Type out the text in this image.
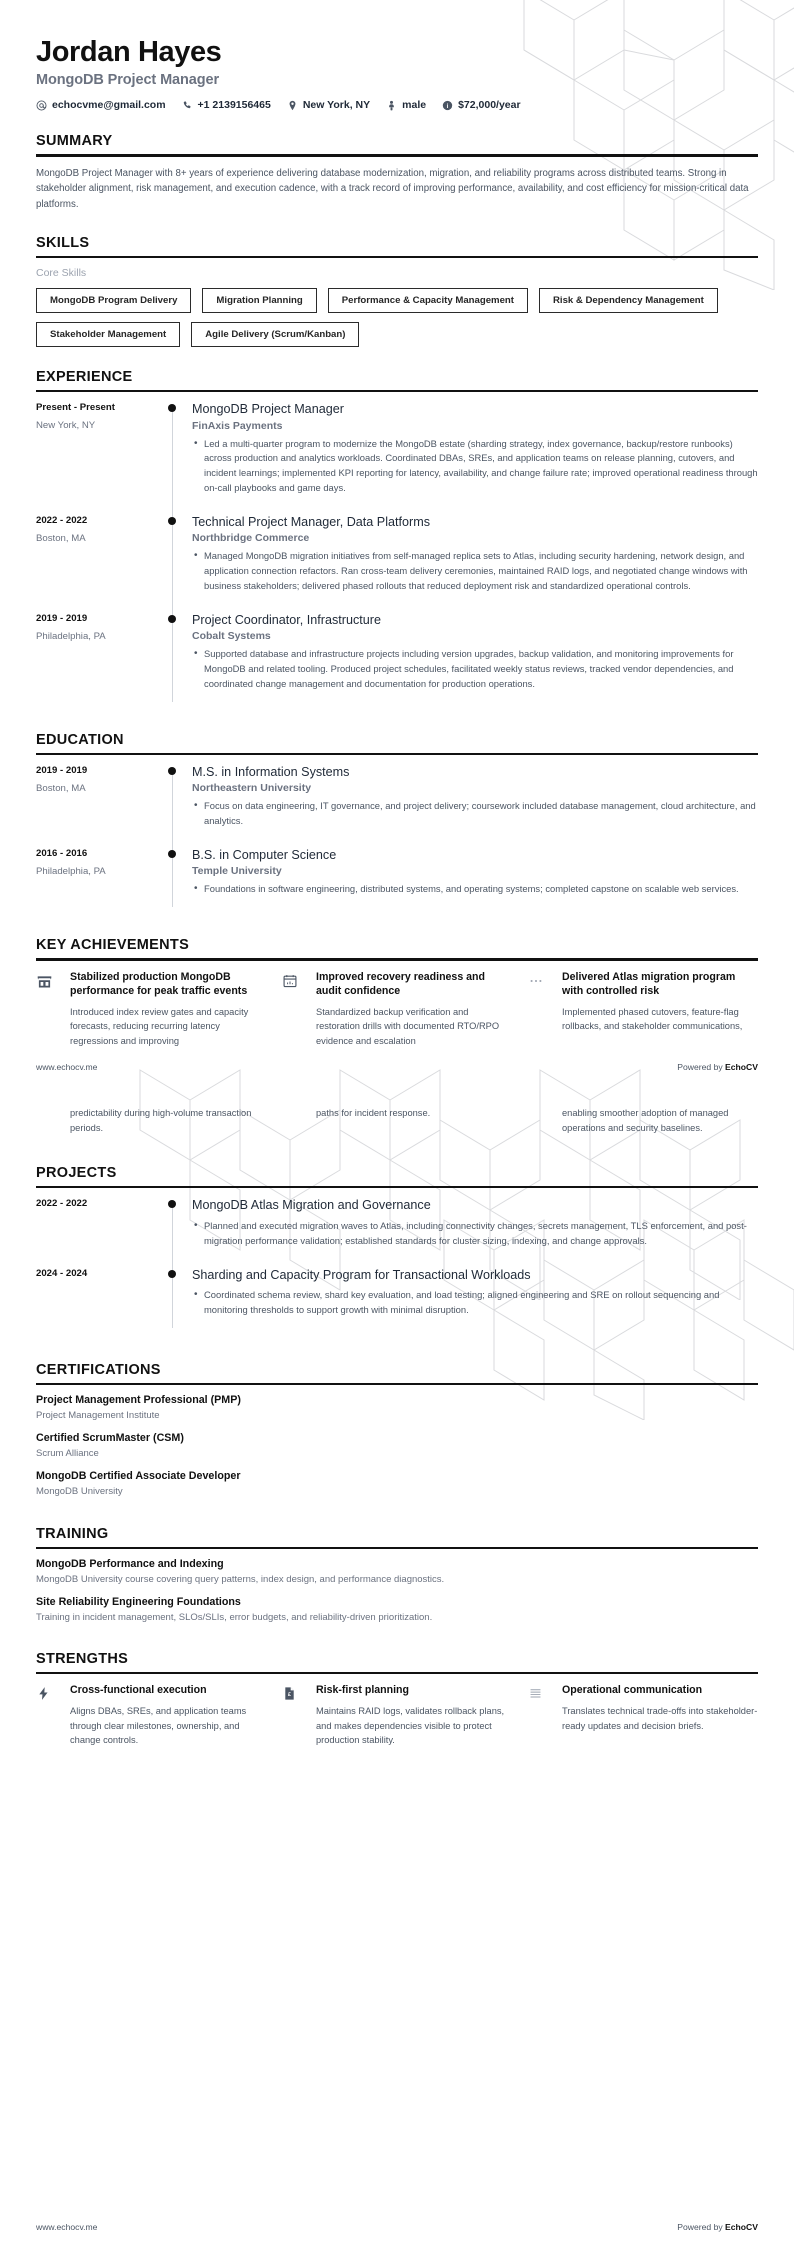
Jordan Hayes
MongoDB Project Manager
echocvme@gmail.com	+1 2139156465	New York, NY	male i $72,000/year
SUMMARY

MongoDB Project Manager with 8+ years of experience delivering database modernization, migration, and reliability programs across distributed teams. Strong in stakeholder alignment, risk management, and execution cadence, with a track record of improving performance, availability, and cost efficiency for mission-critical data platforms.

SKILLS
Core Skills
MongoDB Program Delivery	Migration Planning	Performance & Capacity Management	Risk & Dependency Management
Stakeholder Management	Agile Delivery (Scrum/Kanban)
EXPERIENCE
Present - Present
New York, NY
MongoDB Project Manager
FinAxis Payments
• Led a multi-quarter program to modernize the MongoDB estate (sharding strategy, index governance, backup/restore runbooks) across production and analytics workloads. Coordinated DBAs, SREs, and application teams on release planning, cutovers, and incident learnings; implemented KPI reporting for latency, availability, and change failure rate; improved operational readiness through on-call playbooks and game days.
2022 - 2022
Boston, MA
Technical Project Manager, Data Platforms
Northbridge Commerce
• Managed MongoDB migration initiatives from self-managed replica sets to Atlas, including security hardening, network design, and application connection refactors. Ran cross-team delivery ceremonies, maintained RAID logs, and negotiated change windows with business stakeholders; delivered phased rollouts that reduced deployment risk and standardized operational controls.
2019 - 2019
Philadelphia, PA
Project Coordinator, Infrastructure
Cobalt Systems
• Supported database and infrastructure projects including version upgrades, backup validation, and monitoring improvements for MongoDB and related tooling. Produced project schedules, facilitated weekly status reviews, tracked vendor dependencies, and coordinated change management and documentation for production operations.
EDUCATION
2019 - 2019
Boston, MA
M.S. in Information Systems
Northeastern University
• Focus on data engineering, IT governance, and project delivery; coursework included database management, cloud architecture, and analytics.
2016 - 2016
Philadelphia, PA
B.S. in Computer Science
Temple University
• Foundations in software engineering, distributed systems, and operating systems; completed capstone on scalable web services.
KEY ACHIEVEMENTS
Stabilized production MongoDB performance for peak traffic events
Introduced index review gates and capacity forecasts, reducing recurring latency regressions and improving
Improved recovery readiness and audit confidence
Standardized backup verification and restoration drills with documented RTO/RPO evidence and escalation
Delivered Atlas migration program with controlled risk
Implemented phased cutovers, feature-flag rollbacks, and stakeholder communications,
www.echocv.me	Powered by EchoCV
predictability during high-volume transaction periods.
paths for incident response.	enabling smoother adoption of managed operations and security baselines.
PROJECTS
2022 - 2022	MongoDB Atlas Migration and Governance
• Planned and executed migration waves to Atlas, including connectivity changes, secrets management, TLS enforcement, and post-migration performance validation; established standards for cluster sizing, indexing, and change approvals.
2024 - 2024	Sharding and Capacity Program for Transactional Workloads
• Coordinated schema review, shard key evaluation, and load testing; aligned engineering and SRE on rollout sequencing and monitoring thresholds to support growth with minimal disruption.
CERTIFICATIONS
Project Management Professional (PMP)
Project Management Institute
Certified ScrumMaster (CSM)
Scrum Alliance
MongoDB Certified Associate Developer
MongoDB University
TRAINING
MongoDB Performance and Indexing
MongoDB University course covering query patterns, index design, and performance diagnostics.
Site Reliability Engineering Foundations
Training in incident management, SLOs/SLIs, error budgets, and reliability-driven prioritization.
STRENGTHS
Cross-functional execution
Aligns DBAs, SREs, and application teams through clear milestones, ownership, and change controls.
£ Risk-first planning
Maintains RAID logs, validates rollback plans, and makes dependencies visible to protect production stability.
Operational communication
Translates technical trade-offs into stakeholder-ready updates and decision briefs.
www.echocv.me	Powered by EchoCV
